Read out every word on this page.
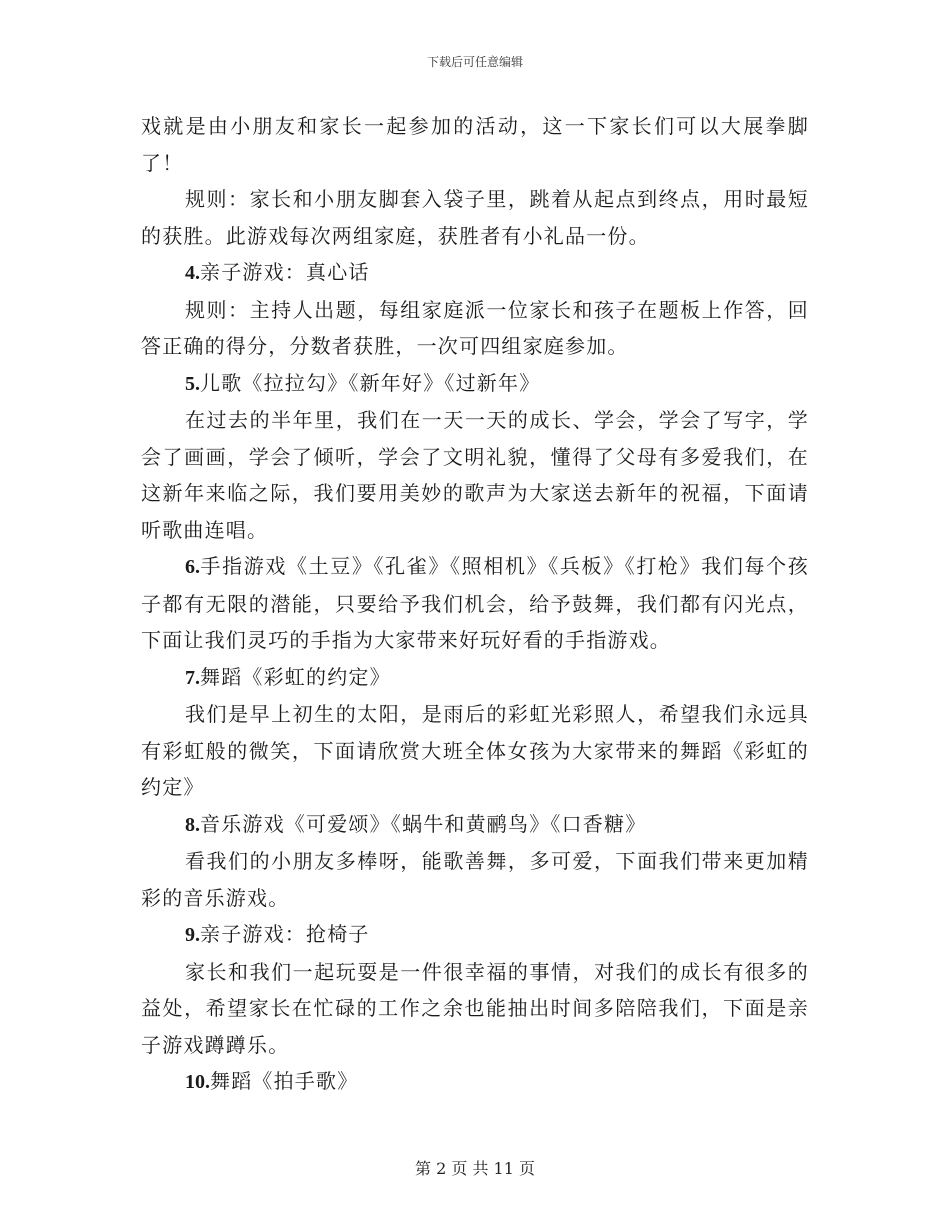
下载后可任意编辑

戏就是由小朋友和家长一起参加的活动，这一下家长们可以大展拳脚了！

规则：家长和小朋友脚套入袋子里，跳着从起点到终点，用时最短的获胜。此游戏每次两组家庭，获胜者有小礼品一份。

4.亲子游戏：真心话

规则：主持人出题，每组家庭派一位家长和孩子在题板上作答，回答正确的得分，分数者获胜，一次可四组家庭参加。

5.儿歌《拉拉勾》《新年好》《过新年》

在过去的半年里，我们在一天一天的成长、学会，学会了写字，学会了画画，学会了倾听，学会了文明礼貌，懂得了父母有多爱我们，在这新年来临之际，我们要用美妙的歌声为大家送去新年的祝福，下面请听歌曲连唱。

6.手指游戏《土豆》《孔雀》《照相机》《兵板》《打枪》我们每个孩子都有无限的潜能，只要给予我们机会，给予鼓舞，我们都有闪光点，下面让我们灵巧的手指为大家带来好玩好看的手指游戏。

7.舞蹈《彩虹的约定》

我们是早上初生的太阳，是雨后的彩虹光彩照人，希望我们永远具有彩虹般的微笑，下面请欣赏大班全体女孩为大家带来的舞蹈《彩虹的约定》

8.音乐游戏《可爱颂》《蜗牛和黄鹂鸟》《口香糖》

看我们的小朋友多棒呀，能歌善舞，多可爱，下面我们带来更加精彩的音乐游戏。

9.亲子游戏：抢椅子

家长和我们一起玩耍是一件很幸福的事情，对我们的成长有很多的益处，希望家长在忙碌的工作之余也能抽出时间多陪陪我们，下面是亲子游戏蹲蹲乐。

10.舞蹈《拍手歌》

第 2 页 共 11 页
